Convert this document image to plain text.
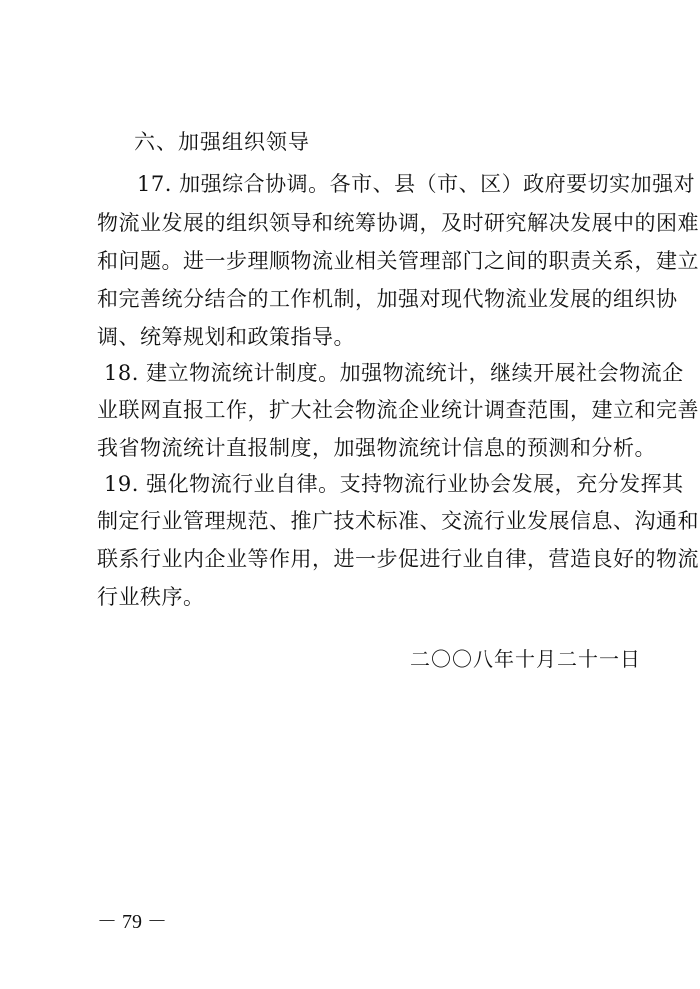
六、加强组织领导
17. 加强综合协调。各市、县（市、区）政府要切实加强对
物流业发展的组织领导和统筹协调，及时研究解决发展中的困难
和问题。进一步理顺物流业相关管理部门之间的职责关系，建立
和完善统分结合的工作机制，加强对现代物流业发展的组织协
调、统筹规划和政策指导。
18. 建立物流统计制度。加强物流统计，继续开展社会物流企
业联网直报工作，扩大社会物流企业统计调查范围，建立和完善
我省物流统计直报制度，加强物流统计信息的预测和分析。
19. 强化物流行业自律。支持物流行业协会发展，充分发挥其
制定行业管理规范、推广技术标准、交流行业发展信息、沟通和
联系行业内企业等作用，进一步促进行业自律，营造良好的物流
行业秩序。
二〇〇八年十月二十一日
－ 79 －
